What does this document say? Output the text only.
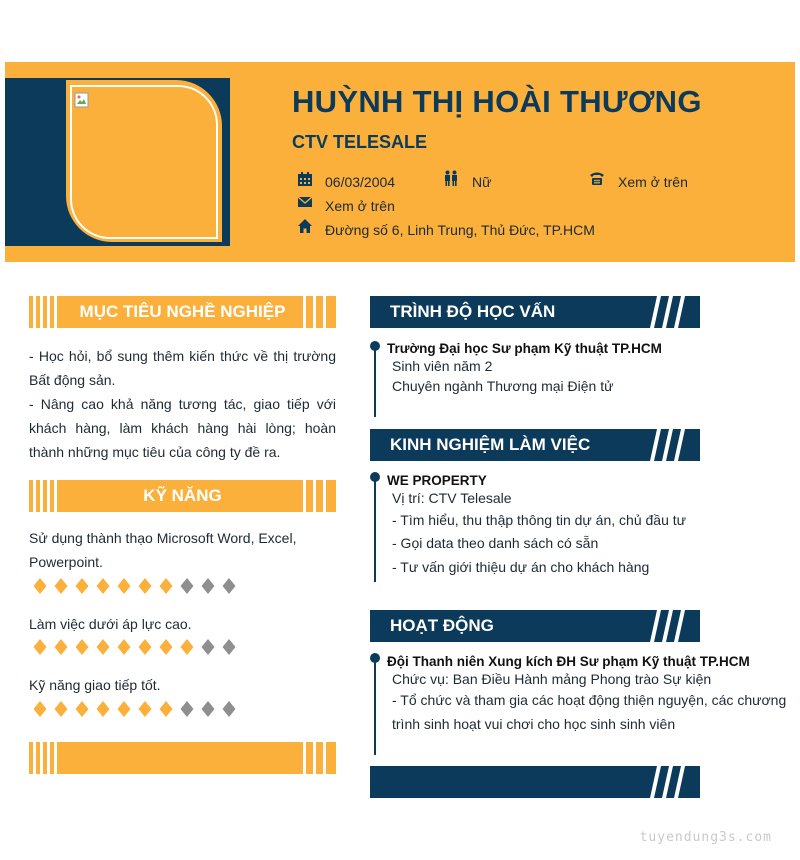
HUỲNH THỊ HOÀI THƯƠNG
CTV TELESALE
06/03/2004	Nữ	Xem ở trên
Xem ở trên
Đường số 6, Linh Trung, Thủ Đức, TP.HCM
MỤC TIÊU NGHỀ NGHIỆP
- Học hỏi, bổ sung thêm kiến thức về thị trường Bất động sản.
- Nâng cao khả năng tương tác, giao tiếp với khách hàng, làm khách hàng hài lòng; hoàn thành những mục tiêu của công ty đề ra.
KỸ NĂNG
Sử dụng thành thạo Microsoft Word, Excel, Powerpoint.
Làm việc dưới áp lực cao.
Kỹ năng giao tiếp tốt.
TRÌNH ĐỘ HỌC VẤN
Trường Đại học Sư phạm Kỹ thuật TP.HCM
Sinh viên năm 2
Chuyên ngành Thương mại Điện tử
KINH NGHIỆM LÀM VIỆC
WE PROPERTY
Vị trí: CTV Telesale
- Tìm hiểu, thu thập thông tin dự án, chủ đầu tư
- Gọi data theo danh sách có sẵn
- Tư vấn giới thiệu dự án cho khách hàng
HOẠT ĐỘNG
Đội Thanh niên Xung kích ĐH Sư phạm Kỹ thuật TP.HCM
Chức vụ: Ban Điều Hành mảng Phong trào Sự kiện
- Tổ chức và tham gia các hoạt động thiện nguyện, các chương trình sinh hoạt vui chơi cho học sinh sinh viên
tuyendung3s.com
